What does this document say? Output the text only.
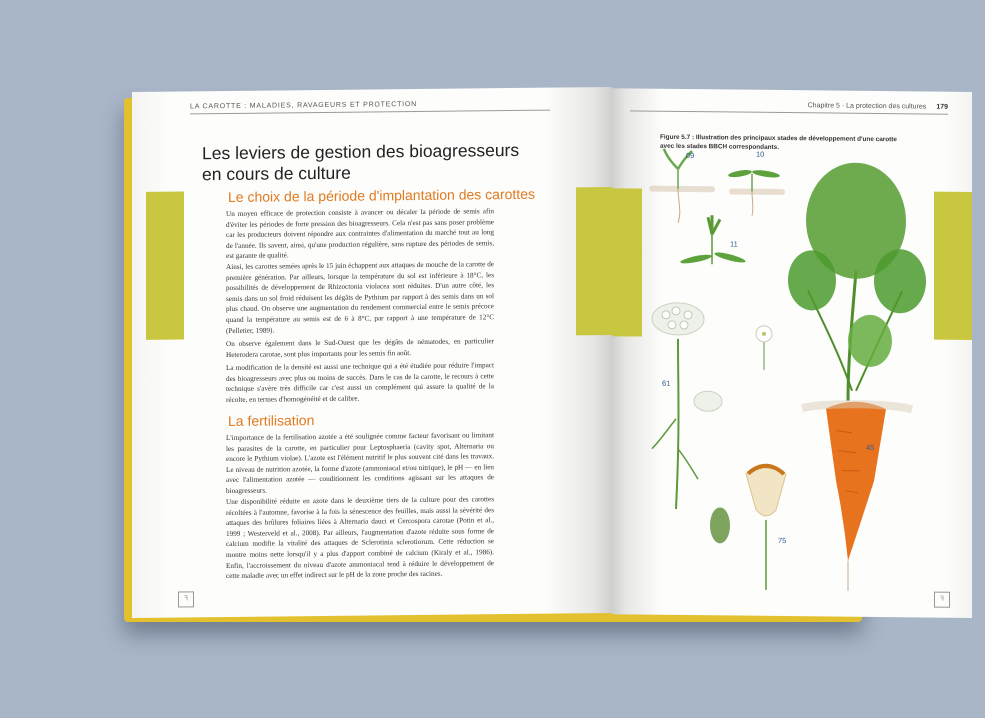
LA CAROTTE : MALADIES, RAVAGEURS ET PROTECTION
Les leviers de gestion des bioagresseurs en cours de culture
Le choix de la période d'implantation des carottes
Un moyen efficace de protection consiste à avancer ou décaler la période de semis afin d'éviter les périodes de forte pression des bioagresseurs. Cela n'est pas sans poser problème car les producteurs doivent répondre aux contraintes d'alimentation du marché tout au long de l'année. Ils savent, ainsi, qu'une production régulière, sans rupture des périodes de semis, est garante de qualité.
Ainsi, les carottes semées après le 15 juin échappent aux attaques de mouche de la carotte de première génération. Par ailleurs, lorsque la température du sol est inférieure à 18°C, les possibilités de développement de Rhizoctonia violacea sont réduites. D'un autre côté, les semis dans un sol froid réduisent les dégâts de Pythium par rapport à des semis dans un sol plus chaud. On observe une augmentation du rendement commercial entre le semis précoce quand la température au semis est de 6 à 8°C, par rapport à une température de 12°C (Pelletier, 1989).
On observe également dans le Sud-Ouest que les dégâts de nématodes, en particulier Heterodera carotae, sont plus importants pour les semis fin août.
La modification de la densité est aussi une technique qui a été étudiée pour réduire l'impact des bioagresseurs avec plus ou moins de succès. Dans le cas de la carotte, le recours à cette technique s'avère très difficile car c'est aussi un complément qui assure la qualité de la récolte, en termes d'homogénéité et de calibre.
La fertilisation
L'importance de la fertilisation azotée a été soulignée comme facteur favorisant ou limitant les parasites de la carotte, en particulier pour Leptosphaeria (cavity spot, Alternaria ou encore le Pythium violae). L'azote est l'élément nutritif le plus souvent cité dans les travaux. Le niveau de nutrition azotée, la forme d'azote (ammoniacal et/ou nitrique), le pH — en lien avec l'alimentation azotée — conditionnent les conditions agissant sur les attaques de bioagresseurs.
Une disponibilité réduite en azote dans le deuxième tiers de la culture pour des carottes récoltées à l'automne, favorise à la fois la sénescence des feuilles, mais aussi la sévérité des attaques des brûlures foliaires liées à Alternaria dauci et Cercospora carotae (Potin et al., 1999 ; Westerveld et al., 2008). Par ailleurs, l'augmentation d'azote réduite sous forme de calcium modifie la vitalité des attaques de Sclerotinia sclerotiorum. Cette réduction se montre moins nette lorsqu'il y a plus d'apport combiné de calcium (Kiraly et al., 1986). Enfin, l'accroissement du niveau d'azote ammoniacal tend à réduire le développement de cette maladie avec un effet indirect sur le pH de la zone proche des racines.
ꟻ
Chapitre 5 · La protection des cultures 179
Figure 5.7 : Illustration des principaux stades de développement d'une carotte avec les stades BBCH correspondants.
09	10
11
61
45
75
ꟻ
